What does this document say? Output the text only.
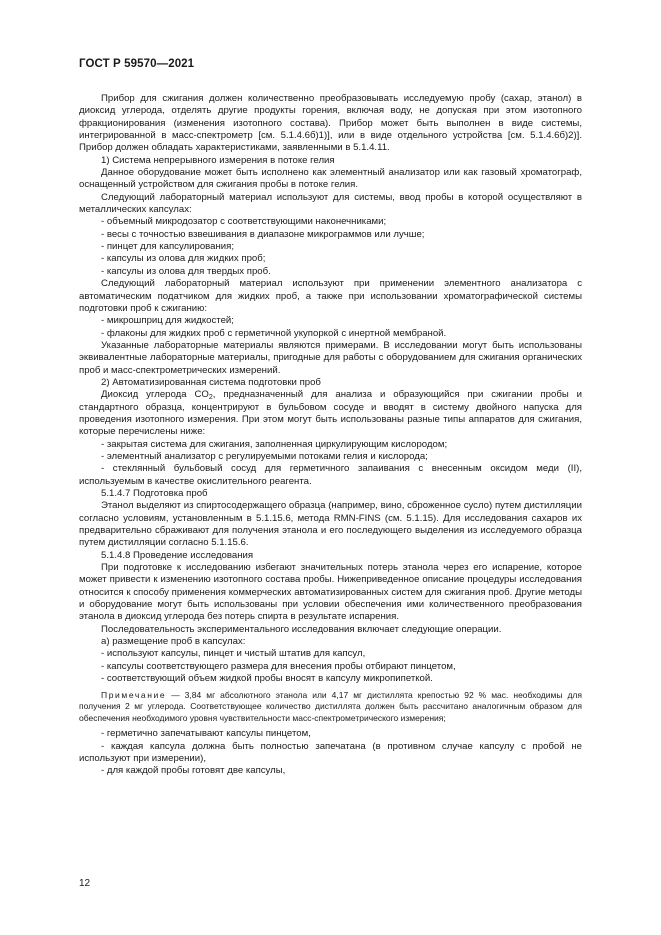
ГОСТ Р 59570—2021

Прибор для сжигания должен количественно преобразовывать исследуемую пробу (сахар, этанол) в диоксид углерода, отделять другие продукты горения, включая воду, не допуская при этом изотопного фракционирования (изменения изотопного состава). Прибор может быть выполнен в виде системы, интегрированной в масс-спектрометр [см. 5.1.4.6б)1)], или в виде отдельного устройства [см. 5.1.4.6б)2)]. Прибор должен обладать характеристиками, заявленными в 5.1.4.11.

1) Система непрерывного измерения в потоке гелия

Данное оборудование может быть исполнено как элементный анализатор или как газовый хроматограф, оснащенный устройством для сжигания пробы в потоке гелия.

Следующий лабораторный материал используют для системы, ввод пробы в которой осуществляют в металлических капсулах:

- объемный микродозатор с соответствующими наконечниками;

- весы с точностью взвешивания в диапазоне микрограммов или лучше;

- пинцет для капсулирования;

- капсулы из олова для жидких проб;

- капсулы из олова для твердых проб.

Следующий лабораторный материал используют при применении элементного анализатора с автоматическим податчиком для жидких проб, а также при использовании хроматографической системы подготовки проб к сжиганию:

- микрошприц для жидкостей;

- флаконы для жидких проб с герметичной укупоркой с инертной мембраной.

Указанные лабораторные материалы являются примерами. В исследовании могут быть использованы эквивалентные лабораторные материалы, пригодные для работы с оборудованием для сжигания органических проб и масс-спектрометрических измерений.

2) Автоматизированная система подготовки проб

Диоксид углерода $CO_2$, предназначенный для анализа и образующийся при сжигании пробы и стандартного образца, концентрируют в бульбовом сосуде и вводят в систему двойного напуска для проведения изотопного измерения. При этом могут быть использованы разные типы аппаратов для сжигания, которые перечислены ниже:

- закрытая система для сжигания, заполненная циркулирующим кислородом;

- элементный анализатор с регулируемыми потоками гелия и кислорода;

- стеклянный бульбовый сосуд для герметичного запаивания с внесенным оксидом меди (II), используемым в качестве окислительного реагента.

5.1.4.7 Подготовка проб

Этанол выделяют из спиртосодержащего образца (например, вино, сброженное сусло) путем дистилляции согласно условиям, установленным в 5.1.15.6, метода RMN-FINS (см. 5.1.15). Для исследования сахаров их предварительно сбраживают для получения этанола и его последующего выделения из исследуемого образца путем дистилляции согласно 5.1.15.6.

5.1.4.8 Проведение исследования

При подготовке к исследованию избегают значительных потерь этанола через его испарение, которое может привести к изменению изотопного состава пробы. Нижеприведенное описание процедуры исследования относится к способу применения коммерческих автоматизированных систем для сжигания проб. Другие методы и оборудование могут быть использованы при условии обеспечения ими количественного преобразования этанола в диоксид углерода без потерь спирта в результате испарения.

Последовательность экспериментального исследования включает следующие операции.

а) размещение проб в капсулах:

- используют капсулы, пинцет и чистый штатив для капсул,

- капсулы соответствующего размера для внесения пробы отбирают пинцетом,

- соответствующий объем жидкой пробы вносят в капсулу микропипеткой.

Примечание — 3,84 мг абсолютного этанола или 4,17 мг дистиллята крепостью 92 % мас. необходимы для получения 2 мг углерода. Соответствующее количество дистиллята должен быть рассчитано аналогичным образом для обеспечения необходимого уровня чувствительности масс-спектрометрического измерения;

- герметично запечатывают капсулы пинцетом,

- каждая капсула должна быть полностью запечатана (в противном случае капсулу с пробой не используют при измерении),

- для каждой пробы готовят две капсулы,

12
